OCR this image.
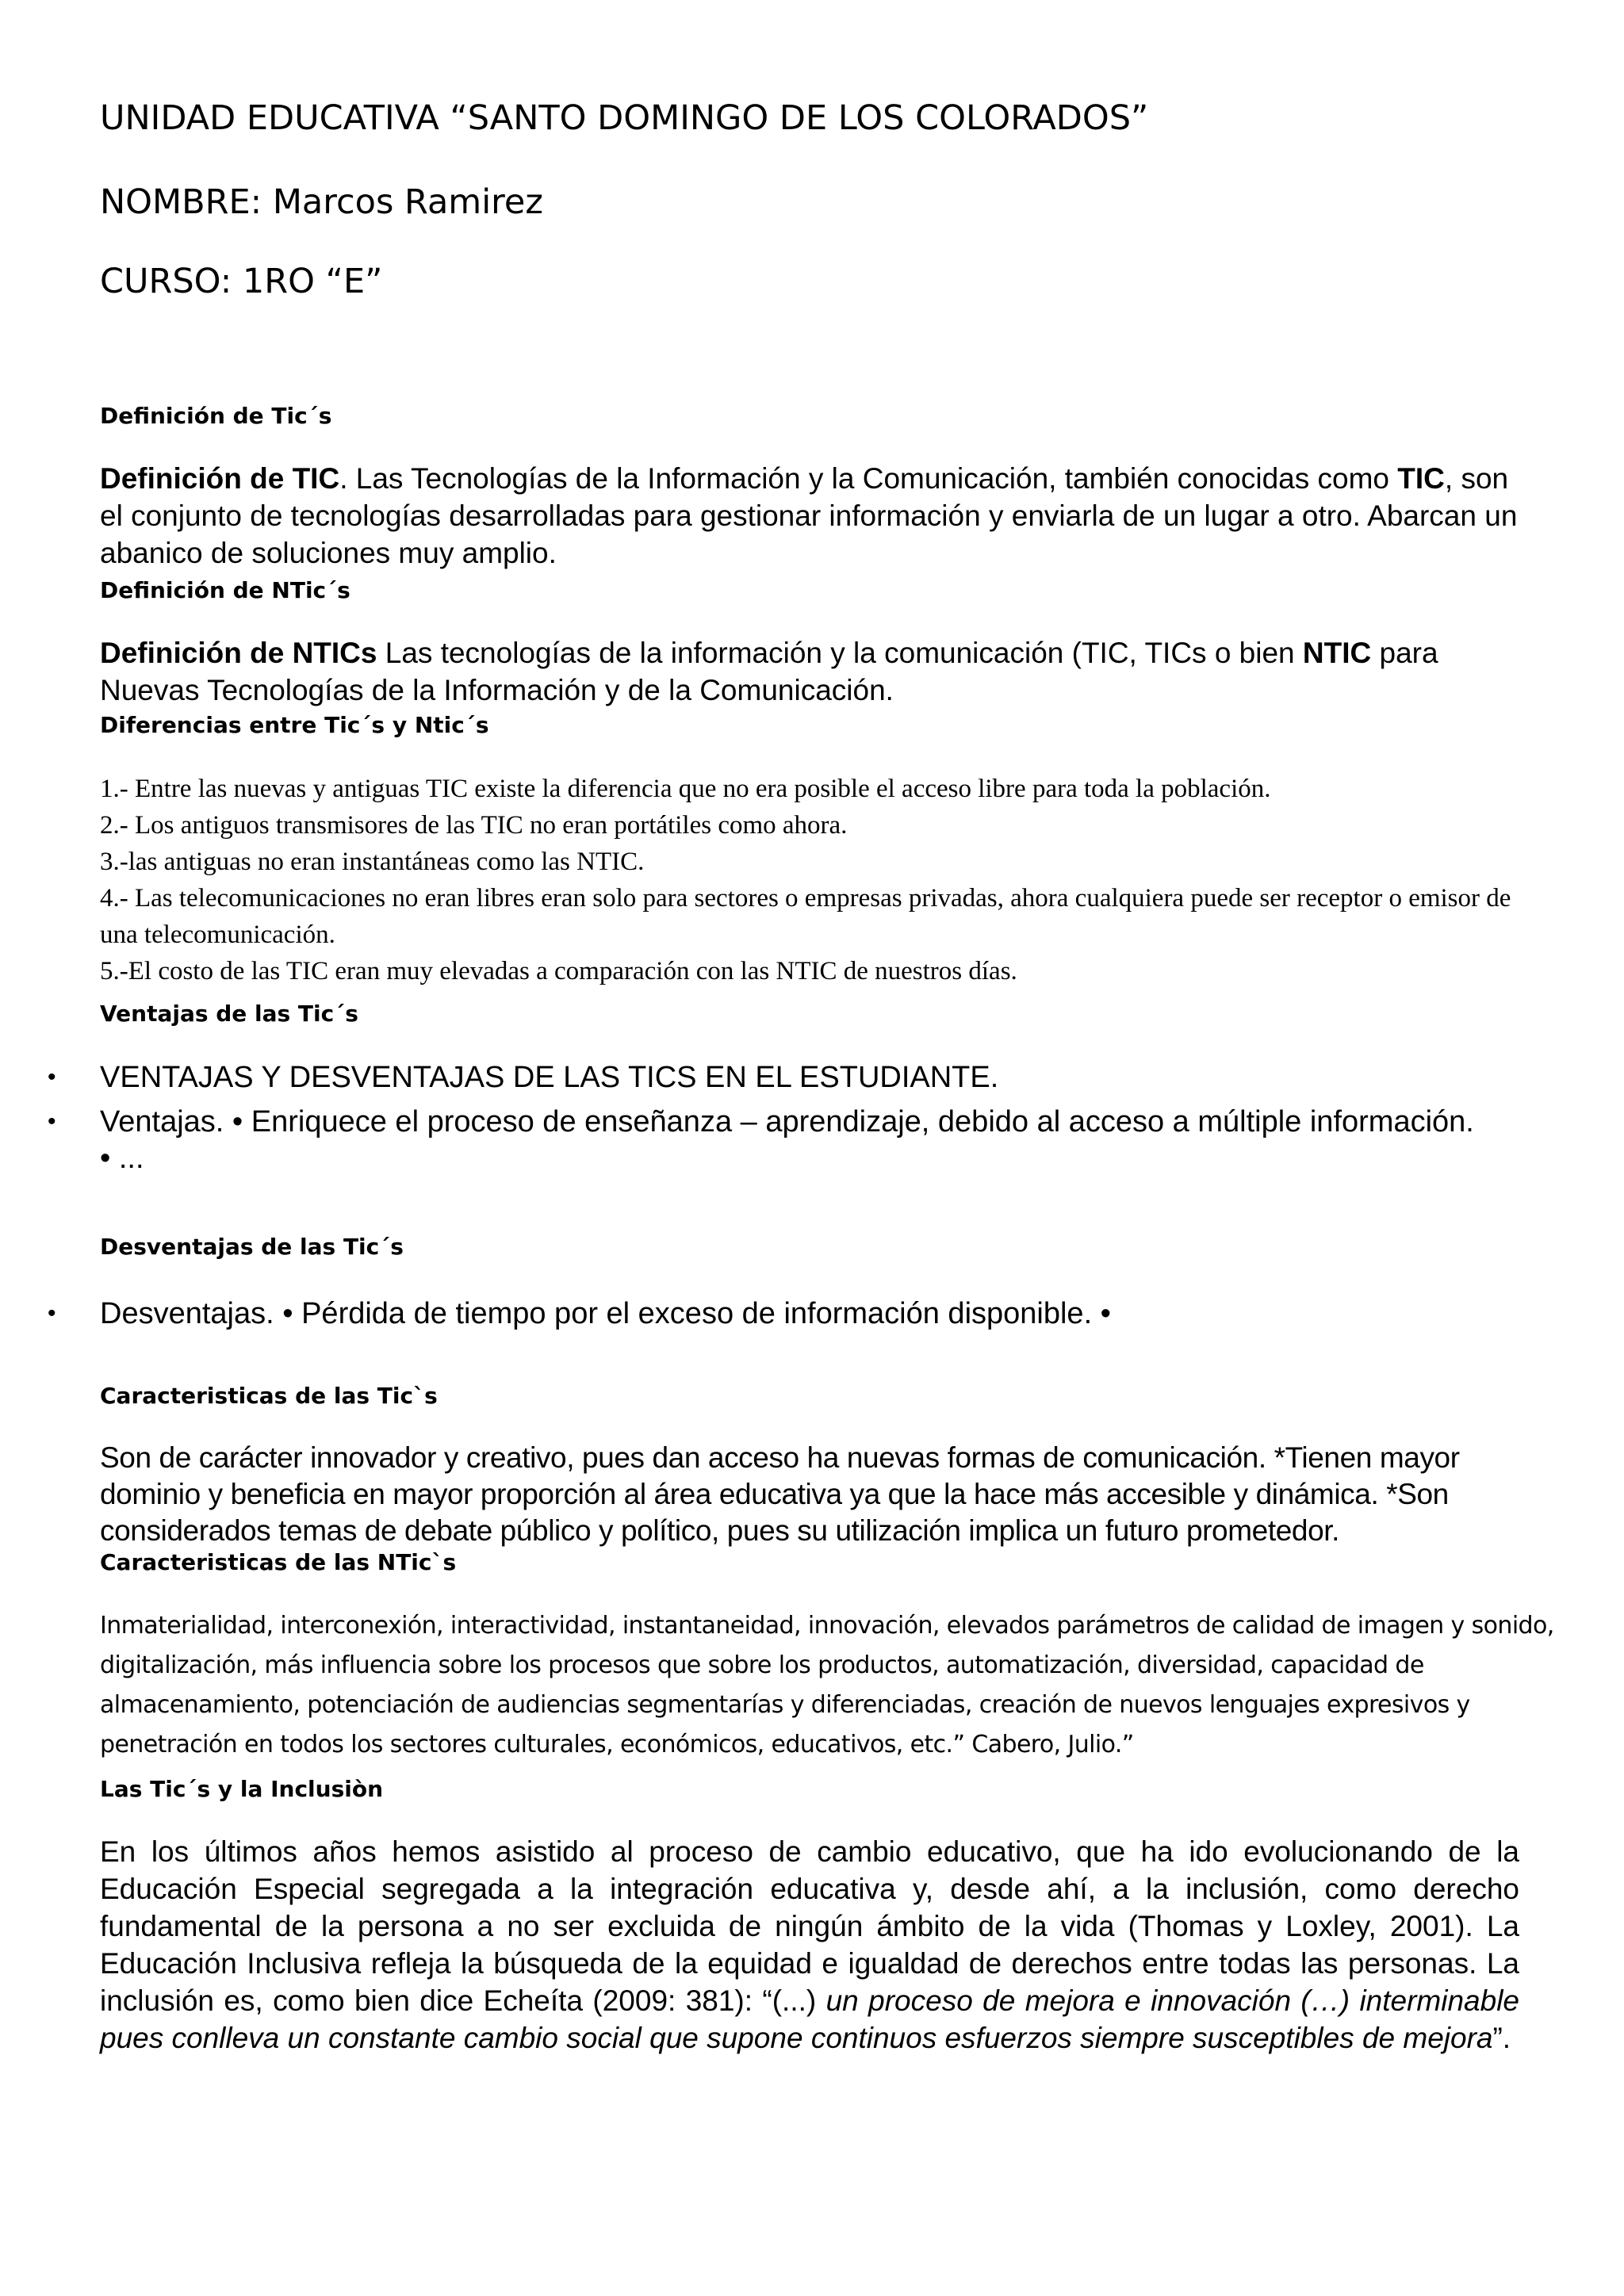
UNIDAD EDUCATIVA “SANTO DOMINGO DE LOS COLORADOS”
NOMBRE: Marcos Ramirez
CURSO: 1RO “E”
Definición de Tic´s

Definición de TIC. Las Tecnologías de la Información y la Comunicación, también conocidas como TIC, son el conjunto de tecnologías desarrolladas para gestionar información y enviarla de un lugar a otro. Abarcan un abanico de soluciones muy amplio.

Definición de NTic´s

Definición de NTICs Las tecnologías de la información y la comunicación (TIC, TICs o bien NTIC para Nuevas Tecnologías de la Información y de la Comunicación.

Diferencias entre Tic´s y Ntic´s
1.- Entre las nuevas y antiguas TIC existe la diferencia que no era posible el acceso libre para toda la población.
2.- Los antiguos transmisores de las TIC no eran portátiles como ahora.
3.-las antiguas no eran instantáneas como las NTIC.
4.- Las telecomunicaciones no eran libres eran solo para sectores o empresas privadas, ahora cualquiera puede ser receptor o emisor de una telecomunicación.
5.-El costo de las TIC eran muy elevadas a comparación con las NTIC de nuestros días.
Ventajas de las Tic´s
•	VENTAJAS Y DESVENTAJAS DE LAS TICS EN EL ESTUDIANTE.
•	Ventajas. • Enriquece el proceso de enseñanza – aprendizaje, debido al acceso a múltiple información. • ...
Desventajas de las Tic´s
•	Desventajas. • Pérdida de tiempo por el exceso de información disponible. •
Caracteristicas de las Tic`s

Son de carácter innovador y creativo, pues dan acceso ha nuevas formas de comunicación. *Tienen mayor dominio y beneficia en mayor proporción al área educativa ya que la hace más accesible y dinámica. *Son considerados temas de debate público y político, pues su utilización implica un futuro prometedor.

Caracteristicas de las NTic`s

Inmaterialidad, interconexión, interactividad, instantaneidad, innovación, elevados parámetros de calidad de imagen y sonido, digitalización, más influencia sobre los procesos que sobre los productos, automatización, diversidad, capacidad de almacenamiento, potenciación de audiencias segmentarías y diferenciadas, creación de nuevos lenguajes expresivos y penetración en todos los sectores culturales, económicos, educativos, etc.” Cabero, Julio.”

Las Tic´s y la Inclusiòn

En los últimos años hemos asistido al proceso de cambio educativo, que ha ido evolucionando de la Educación Especial segregada a la integración educativa y, desde ahí, a la inclusión, como derecho fundamental de la persona a no ser excluida de ningún ámbito de la vida (Thomas y Loxley, 2001). La Educación Inclusiva refleja la búsqueda de la equidad e igualdad de derechos entre todas las personas. La inclusión es, como bien dice Echeíta (2009: 381): “(...) un proceso de mejora e innovación (…) interminable pues conlleva un constante cambio social que supone continuos esfuerzos siempre susceptibles de mejora”.
